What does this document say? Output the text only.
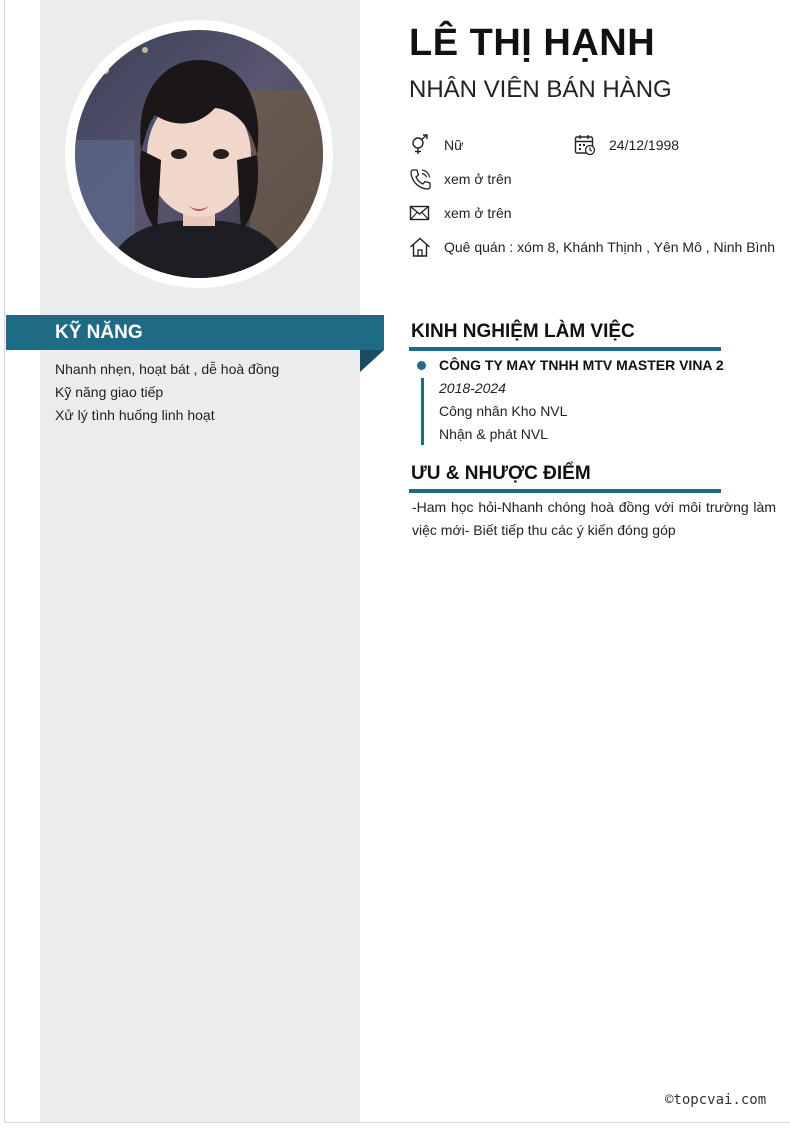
LÊ THỊ HẠNH
NHÂN VIÊN BÁN HÀNG
Nữ	24/12/1998
xem ở trên
xem ở trên
Quê quán : xóm 8, Khánh Thịnh , Yên Mô , Ninh Bình
KỸ NĂNG
Nhanh nhẹn, hoạt bát , dễ hoà đồng
Kỹ năng giao tiếp
Xử lý tình huống linh hoạt
KINH NGHIỆM LÀM VIỆC
CÔNG TY MAY TNHH MTV MASTER VINA 2
2018-2024
Công nhân Kho NVL
Nhận & phát NVL
ƯU & NHƯỢC ĐIỂM
-Ham học hỏi-Nhanh chóng hoà đồng với môi trường làm việc mới- Biết tiếp thu các ý kiến đóng góp
©topcvai.com
